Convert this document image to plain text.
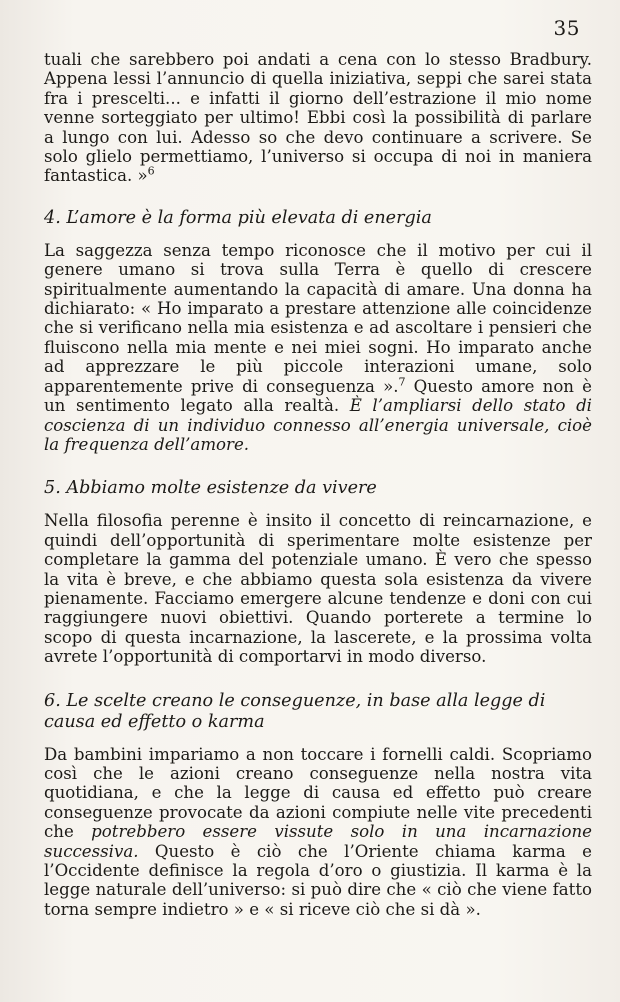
35

tuali che sarebbero poi andati a cena con lo stesso Bradbury. Appena lessi l’annuncio di quella iniziativa, seppi che sarei stata fra i prescelti... e infatti il giorno dell’estrazione il mio nome venne sorteggiato per ultimo! Ebbi così la possibilità di parlare a lungo con lui. Adesso so che devo continuare a scrivere. Se solo glielo permettiamo, l’universo si occupa di noi in maniera fantastica. »$^6$

4. L’amore è la forma più elevata di energia

La saggezza senza tempo riconosce che il motivo per cui il genere umano si trova sulla Terra è quello di crescere spiritualmente aumentando la capacità di amare. Una donna ha dichiarato: « Ho imparato a prestare attenzione alle coincidenze che si verificano nella mia esistenza e ad ascoltare i pensieri che fluiscono nella mia mente e nei miei sogni. Ho imparato anche ad apprezzare le più piccole interazioni umane, solo apparentemente prive di conseguenza ».$^7$ Questo amore non è un sentimento legato alla realtà. È l’ampliarsi dello stato di coscienza di un individuo connesso all’energia universale, cioè la frequenza dell’amore.

5. Abbiamo molte esistenze da vivere

Nella filosofia perenne è insito il concetto di reincarnazione, e quindi dell’opportunità di sperimentare molte esistenze per completare la gamma del potenziale umano. È vero che spesso la vita è breve, e che abbiamo questa sola esistenza da vivere pienamente. Facciamo emergere alcune tendenze e doni con cui raggiungere nuovi obiettivi. Quando porterete a termine lo scopo di questa incarnazione, la lascerete, e la prossima volta avrete l’opportunità di comportarvi in modo diverso.

6. Le scelte creano le conseguenze, in base alla legge di causa ed effetto o karma

Da bambini impariamo a non toccare i fornelli caldi. Scopriamo così che le azioni creano conseguenze nella nostra vita quotidiana, e che la legge di causa ed effetto può creare conseguenze provocate da azioni compiute nelle vite precedenti che potrebbero essere vissute solo in una incarnazione successiva. Questo è ciò che l’Oriente chiama karma e l’Occidente definisce la regola d’oro o giustizia. Il karma è la legge naturale dell’universo: si può dire che « ciò che viene fatto torna sempre indietro » e « si riceve ciò che si dà ».
